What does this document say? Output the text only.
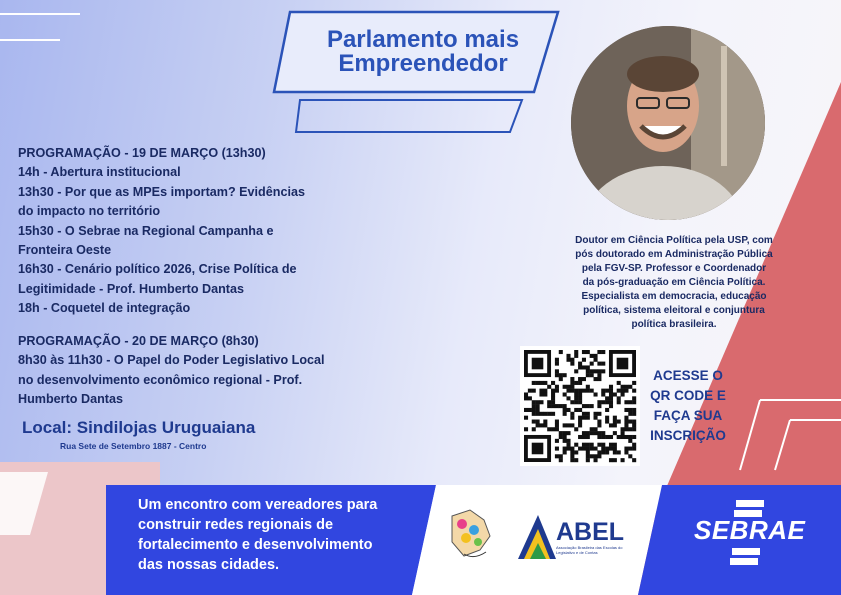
Parlamento mais
Empreendedor
PROGRAMAÇÃO - 19 DE MARÇO (13h30)
14h - Abertura institucional
13h30 - Por que as MPEs importam? Evidências
do impacto no território
15h30 - O Sebrae na Regional Campanha e
Fronteira Oeste
16h30 - Cenário político 2026, Crise Política de
Legitimidade - Prof. Humberto Dantas
18h - Coquetel de integração
PROGRAMAÇÃO - 20 DE MARÇO (8h30)
8h30 às 11h30 - O Papel do Poder Legislativo Local
no desenvolvimento econômico regional - Prof.
Humberto Dantas
Local: Sindilojas Uruguaiana
Rua Sete de Setembro 1887 - Centro
Doutor em Ciência Política pela USP, com
pós doutorado em Administração Pública
pela FGV-SP. Professor e Coordenador
da pós-graduação em Ciência Política.
Especialista em democracia, educação
política, sistema eleitoral e conjuntura
política brasileira.
ACESSE O
QR CODE E
FAÇA SUA
INSCRIÇÃO
Um encontro com vereadores para
construir redes regionais de
fortalecimento e desenvolvimento
das nossas cidades.
ABEL
Associação Brasileira das Escolas do Legislativo e de Contas
SEBRAE
